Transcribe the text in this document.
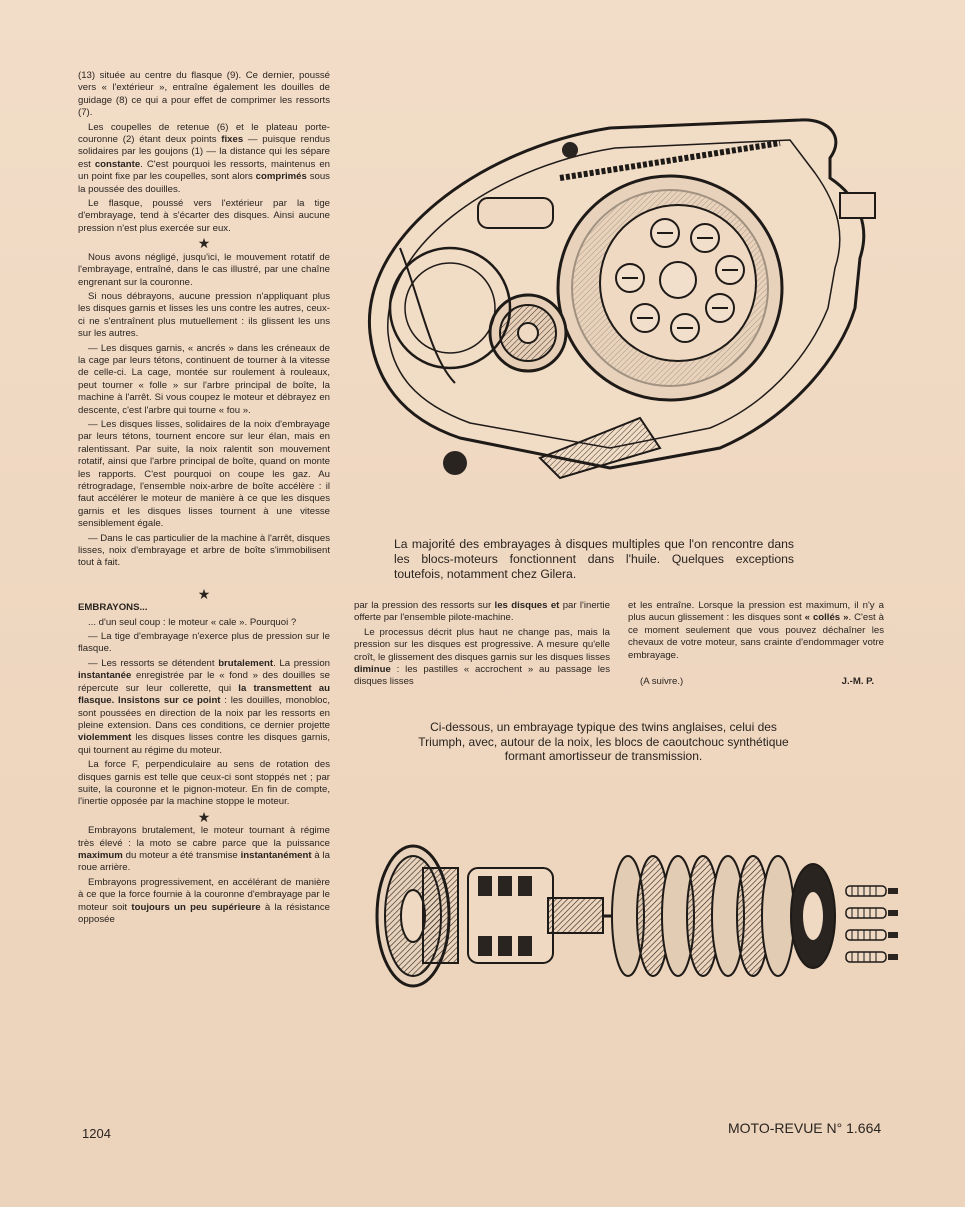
(13) située au centre du flasque (9). Ce dernier, poussé vers « l'extérieur », entraîne également les douilles de guidage (8) ce qui a pour effet de comprimer les ressorts (7).

Les coupelles de retenue (6) et le plateau porte-couronne (2) étant deux points fixes — puisque rendus solidaires par les goujons (1) — la distance qui les sépare est constante. C'est pourquoi les ressorts, maintenus en un point fixe par les coupelles, sont alors comprimés sous la poussée des douilles.

Le flasque, poussé vers l'extérieur par la tige d'embrayage, tend à s'écarter des disques. Ainsi aucune pression n'est plus exercée sur eux.

★

Nous avons négligé, jusqu'ici, le mouvement rotatif de l'embrayage, entraîné, dans le cas illustré, par une chaîne engrenant sur la couronne.

Si nous débrayons, aucune pression n'appliquant plus les disques garnis et lisses les uns contre les autres, ceux-ci ne s'entraînent plus mutuellement : ils glissent les uns sur les autres.

— Les disques garnis, « ancrés » dans les créneaux de la cage par leurs tétons, continuent de tourner à la vitesse de celle-ci. La cage, montée sur roulement à rouleaux, peut tourner « folle » sur l'arbre principal de boîte, la machine à l'arrêt. Si vous coupez le moteur et débrayez en descente, c'est l'arbre qui tourne « fou ».

— Les disques lisses, solidaires de la noix d'embrayage par leurs tétons, tournent encore sur leur élan, mais en ralentissant. Par suite, la noix ralentit son mouvement rotatif, ainsi que l'arbre principal de boîte, quand on monte les rapports. C'est pourquoi on coupe les gaz. Au rétrogradage, l'ensemble noix-arbre de boîte accélère : il faut accélérer le moteur de manière à ce que les disques garnis et les disques lisses tournent à une vitesse sensiblement égale.

— Dans le cas particulier de la machine à l'arrêt, disques lisses, noix d'embrayage et arbre de boîte s'immobilisent tout à fait.

★

EMBRAYONS...

... d'un seul coup : le moteur « cale ». Pourquoi ?

— La tige d'embrayage n'exerce plus de pression sur le flasque.

— Les ressorts se détendent brutalement. La pression instantanée enregistrée par le « fond » des douilles se répercute sur leur collerette, qui la transmettent au flasque. Insistons sur ce point : les douilles, monobloc, sont poussées en direction de la noix par les ressorts en pleine extension. Dans ces conditions, ce dernier projette violemment les disques lisses contre les disques garnis, qui tournent au régime du moteur.

La force F, perpendiculaire au sens de rotation des disques garnis est telle que ceux-ci sont stoppés net ; par suite, la couronne et le pignon-moteur. En fin de compte, l'inertie opposée par la machine stoppe le moteur.

★

Embrayons brutalement, le moteur tournant à régime très élevé : la moto se cabre parce que la puissance maximum du moteur a été transmise instantanément à la roue arrière.

Embrayons progressivement, en accélérant de manière à ce que la force fournie à la couronne d'embrayage par le moteur soit toujours un peu supérieure à la résistance opposée

La majorité des embrayages à disques multiples que l'on rencontre dans les blocs-moteurs fonctionnent dans l'huile. Quelques exceptions toutefois, notamment chez Gilera.

par la pression des ressorts sur les disques et par l'inertie offerte par l'ensemble pilote-machine.

Le processus décrit plus haut ne change pas, mais la pression sur les disques est progressive. A mesure qu'elle croît, le glissement des disques garnis sur les disques lisses diminue : les pastilles « accrochent » au passage les disques lisses

et les entraîne. Lorsque la pression est maximum, il n'y a plus aucun glissement : les disques sont « collés ». C'est à ce moment seulement que vous pouvez déchaîner les chevaux de votre moteur, sans crainte d'endommager votre embrayage.

(A suivre.)	J.-M. P.
Ci-dessous, un embrayage typique des twins anglaises, celui des Triumph, avec, autour de la noix, les blocs de caoutchouc synthétique formant amortisseur de transmission.
1204	MOTO-REVUE N° 1.664
